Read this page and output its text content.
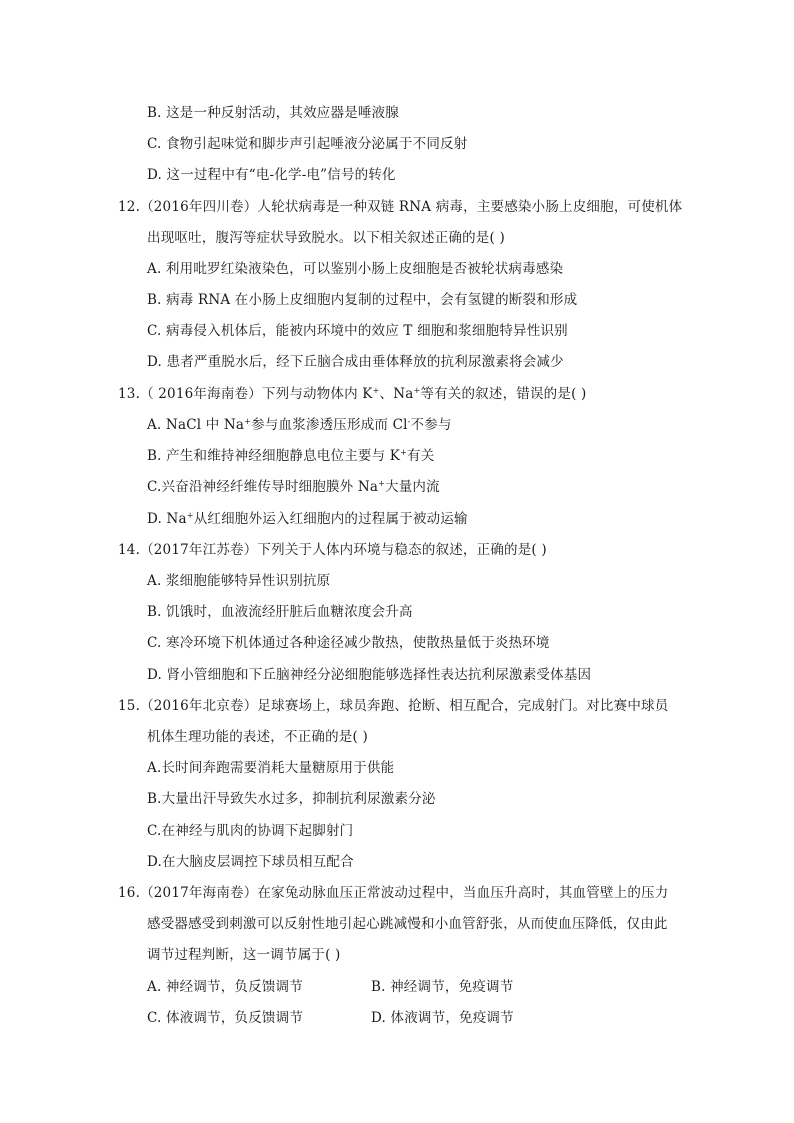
B. 这是一种反射活动，其效应器是唾液腺
C. 食物引起味觉和脚步声引起唾液分泌属于不同反射
D. 这一过程中有“电-化学-电”信号的转化
12.（2016年四川卷）人轮状病毒是一种双链 RNA 病毒，主要感染小肠上皮细胞，可使机体
出现呕吐，腹泻等症状导致脱水。以下相关叙述正确的是( )
A. 利用吡罗红染液染色，可以鉴别小肠上皮细胞是否被轮状病毒感染
B. 病毒 RNA 在小肠上皮细胞内复制的过程中，会有氢键的断裂和形成
C. 病毒侵入机体后，能被内环境中的效应 T 细胞和浆细胞特异性识别
D. 患者严重脱水后，经下丘脑合成由垂体释放的抗利尿激素将会减少
13.（ 2016年海南卷）下列与动物体内 K+、Na+等有关的叙述，错误的是( )
A. NaCl 中 Na+参与血浆渗透压形成而 Cl-不参与
B. 产生和维持神经细胞静息电位主要与 K+有关
C.兴奋沿神经纤维传导时细胞膜外 Na+大量内流
D. Na+从红细胞外运入红细胞内的过程属于被动运输
14.（2017年江苏卷）下列关于人体内环境与稳态的叙述，正确的是( )
A. 浆细胞能够特异性识别抗原
B. 饥饿时，血液流经肝脏后血糖浓度会升高
C. 寒冷环境下机体通过各种途径减少散热，使散热量低于炎热环境
D. 肾小管细胞和下丘脑神经分泌细胞能够选择性表达抗利尿激素受体基因
15.（2016年北京卷）足球赛场上，球员奔跑、抢断、相互配合，完成射门。对比赛中球员
机体生理功能的表述，不正确的是( )
A.长时间奔跑需要消耗大量糖原用于供能
B.大量出汗导致失水过多，抑制抗利尿激素分泌
C.在神经与肌肉的协调下起脚射门
D.在大脑皮层调控下球员相互配合
16.（2017年海南卷）在家兔动脉血压正常波动过程中，当血压升高时，其血管壁上的压力
感受器感受到刺激可以反射性地引起心跳减慢和小血管舒张，从而使血压降低，仅由此
调节过程判断，这一调节属于( )
A. 神经调节，负反馈调节	B. 神经调节，免疫调节
C. 体液调节，负反馈调节	D. 体液调节，免疫调节
